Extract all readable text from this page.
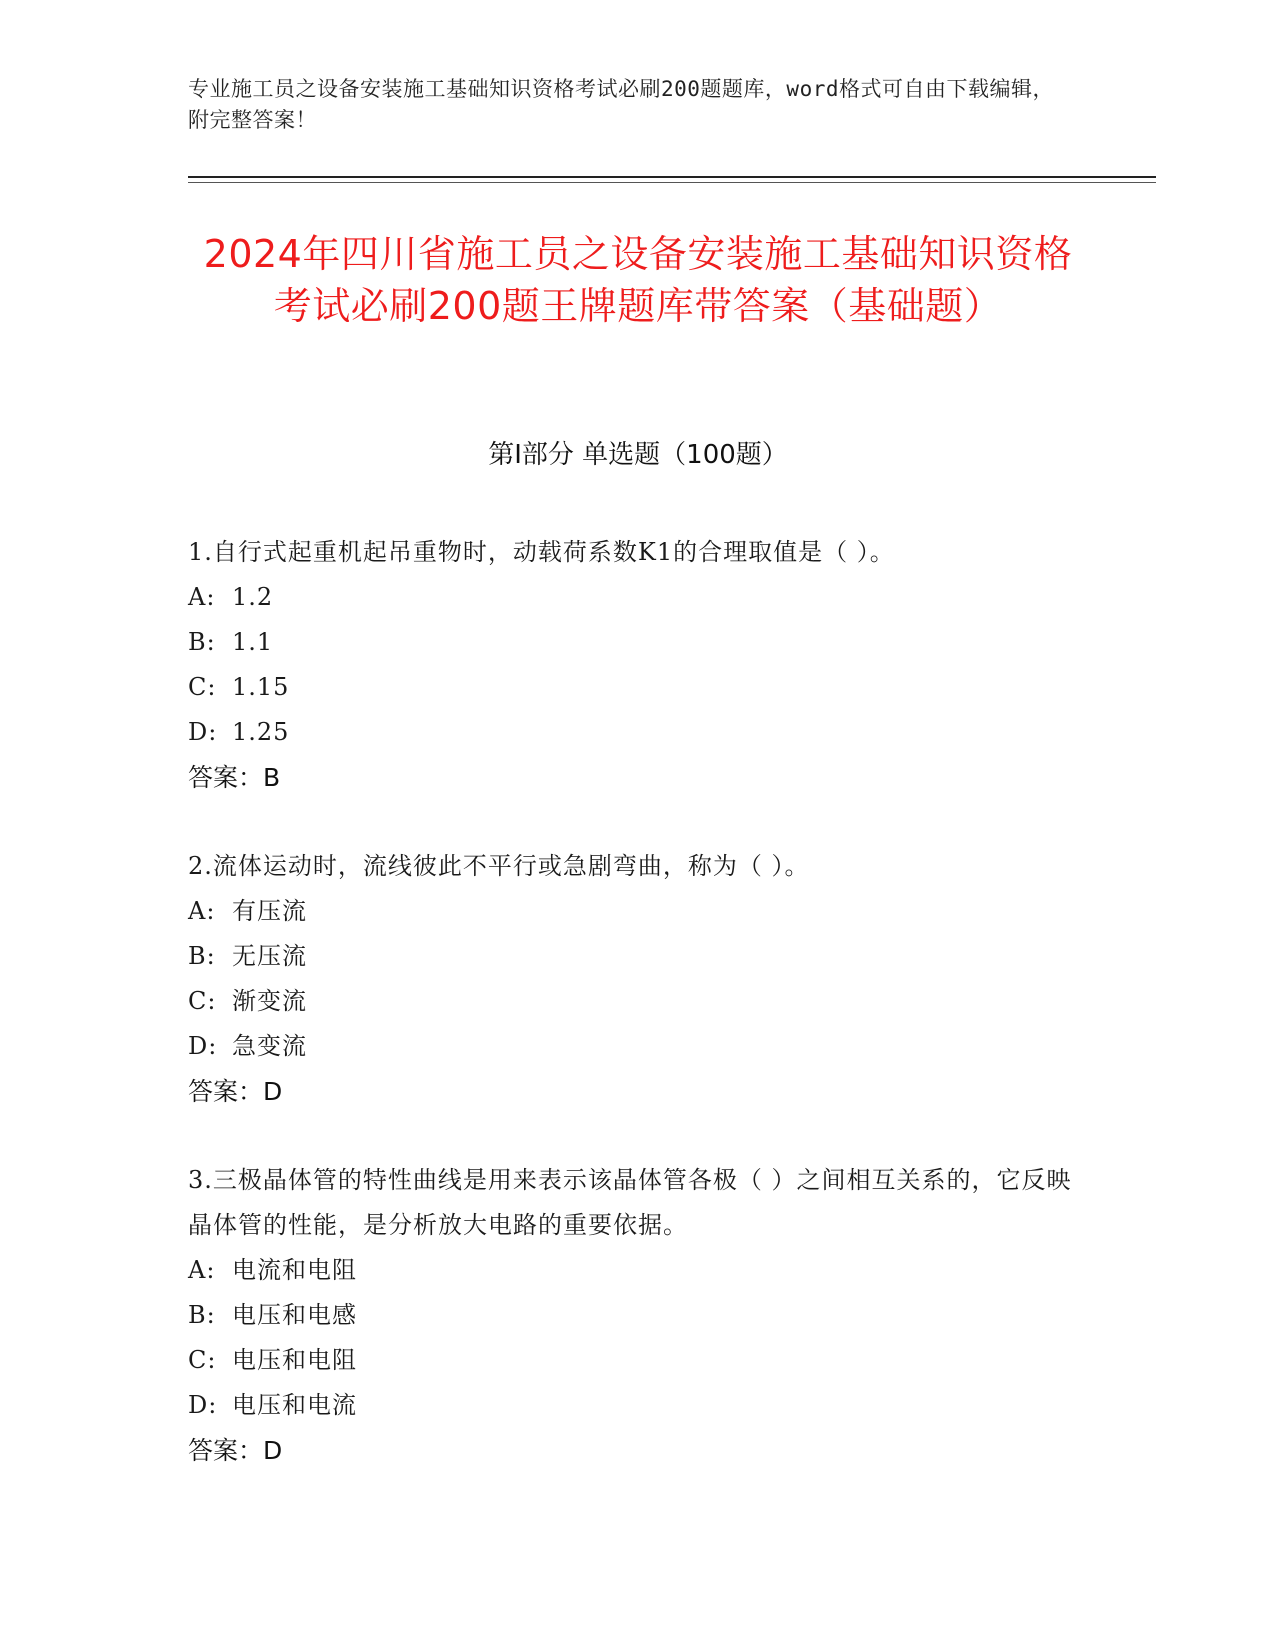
专业施工员之设备安装施工基础知识资格考试必刷200题题库，word格式可自由下载编辑，附完整答案！
2024年四川省施工员之设备安装施工基础知识资格考试必刷200题王牌题库带答案（基础题）
第Ⅰ部分 单选题（100题）
1.自行式起重机起吊重物时，动载荷系数K1的合理取值是（ ）。
A: 1.2
B: 1.1
C: 1.15
D: 1.25
答案：B
2.流体运动时，流线彼此不平行或急剧弯曲，称为（ ）。
A: 有压流
B: 无压流
C: 渐变流
D: 急变流
答案：D
3.三极晶体管的特性曲线是用来表示该晶体管各极（ ）之间相互关系的，它反映晶体管的性能，是分析放大电路的重要依据。
A: 电流和电阻
B: 电压和电感
C: 电压和电阻
D: 电压和电流
答案：D
